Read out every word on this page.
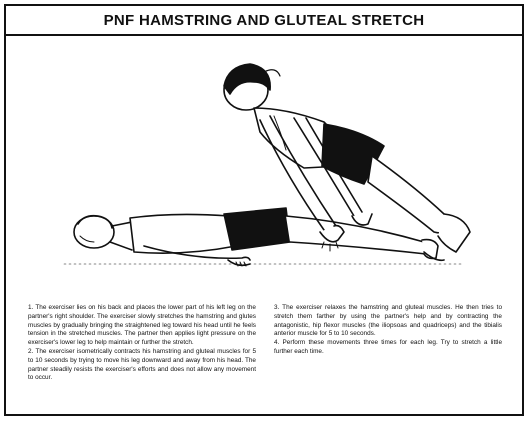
PNF HAMSTRING AND GLUTEAL STRETCH

1. The exerciser lies on his back and places the lower part of his left leg on the partner's right shoulder. The exerciser slowly stretches the hamstring and glutes muscles by gradually bringing the straightened leg toward his head until he feels tension in the stretched muscles. The partner then applies light pressure on the exerciser's lower leg to help maintain or further the stretch.

2. The exerciser isometrically contracts his hamstring and gluteal muscles for 5 to 10 seconds by trying to move his leg downward and away from his head. The partner steadily resists the exerciser's efforts and does not allow any movement to occur.

3. The exerciser relaxes the hamstring and gluteal muscles. He then tries to stretch them farther by using the partner's help and by contracting the antagonistic, hip flexor muscles (the iliopsoas and quadriceps) and the tibialis anterior muscle for 5 to 10 seconds.

4. Perform these movements three times for each leg. Try to stretch a little further each time.
